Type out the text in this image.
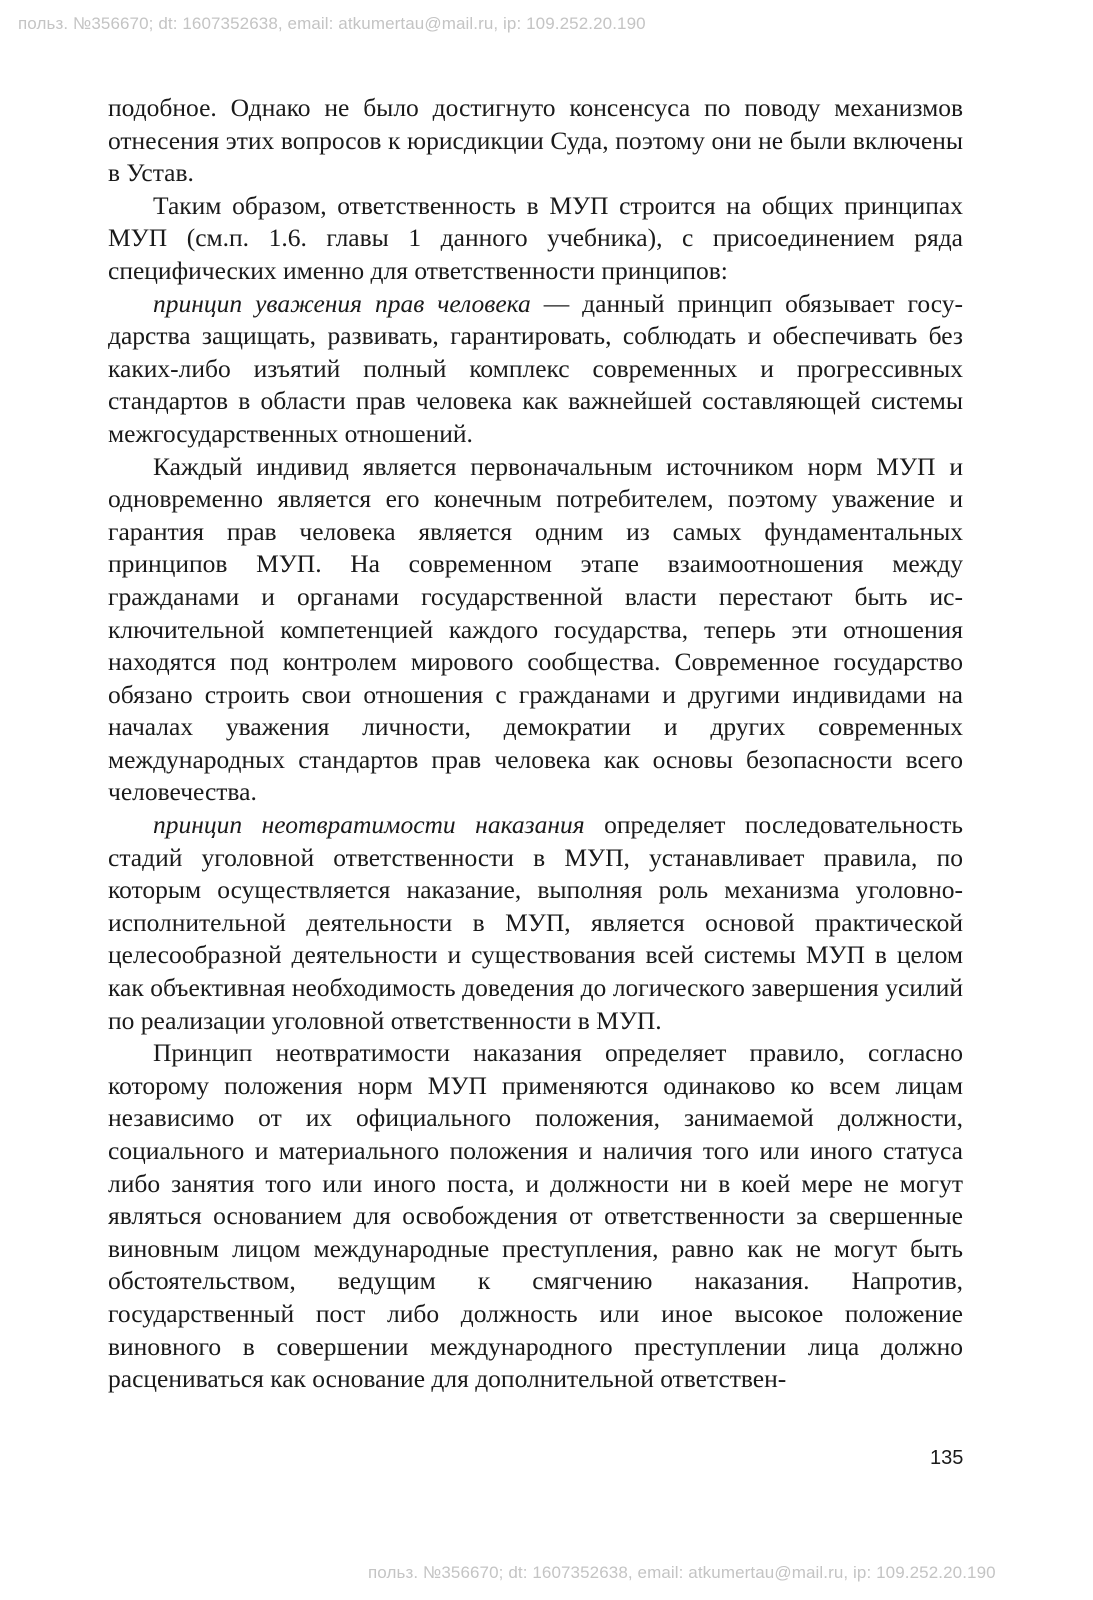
польз. №356670; dt: 1607352638, email: atkumertau@mail.ru, ip: 109.252.20.190

подобное. Однако не было достигнуто консенсуса по поводу механизмов отнесения этих вопросов к юрисдикции Суда, поэтому они не были включены в Устав.

Таким образом, ответственность в МУП строится на общих принципах МУП (см.п. 1.6. главы 1 данного учебника), с присоединением ряда специфических именно для ответственности принципов:

принцип уважения прав человека — данный принцип обязывает государства защищать, развивать, гарантировать, соблюдать и обеспечивать без каких-либо изъятий полный комплекс современных и прогрессивных стандартов в области прав человека как важнейшей составляющей системы межгосударственных отношений.

Каждый индивид является первоначальным источником норм МУП и одновременно является его конечным потребителем, поэтому уважение и гарантия прав человека является одним из самых фундаментальных принципов МУП. На современном этапе взаимоотношения между гражданами и органами государственной власти перестают быть исключительной компетенцией каждого государства, теперь эти отношения находятся под контролем мирового сообщества. Современное государство обязано строить свои отношения с гражданами и другими индивидами на началах уважения личности, демократии и других современных международных стандартов прав человека как основы безопасности всего человечества.

принцип неотвратимости наказания определяет последовательность стадий уголовной ответственности в МУП, устанавливает правила, по которым осуществляется наказание, выполняя роль механизма уголовно-исполнительной деятельности в МУП, является основой практической целесообразной деятельности и существования всей системы МУП в целом как объективная необходимость доведения до логического завершения усилий по реализации уголовной ответственности в МУП.

Принцип неотвратимости наказания определяет правило, согласно которому положения норм МУП применяются одинаково ко всем лицам независимо от их официального положения, занимаемой должности, социального и материального положения и наличия того или иного статуса либо занятия того или иного поста, и должности ни в коей мере не могут являться основанием для освобождения от ответственности за свершенные виновным лицом международные преступления, равно как не могут быть обстоятельством, ведущим к смягчению наказания. Напротив, государственный пост либо должность или иное высокое положение виновного в совершении международного преступлении лица должно расцениваться как основание для дополнительной ответствен-

135
польз. №356670; dt: 1607352638, email: atkumertau@mail.ru, ip: 109.252.20.190
